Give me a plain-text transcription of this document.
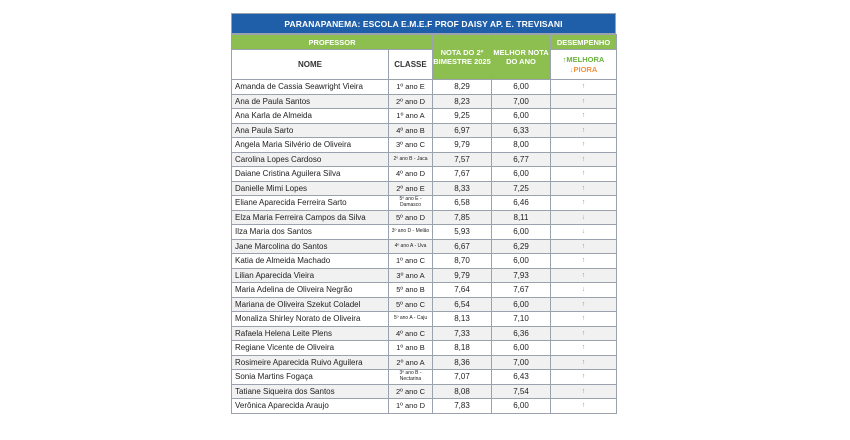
PARANAPANEMA: ESCOLA E.M.E.F PROF DAISY AP. E. TREVISANI
PROFESSOR		NOTA DO 2º BIMESTRE 2025	MELHOR NOTA DO ANO	DESEMPENHO
NOME	CLASSE			↑MELHORA
↓PIORA

Amanda de Cassia Seawright Vieira	1º ano E	8,29	6,00	↑
Ana de Paula Santos	2º ano D	8,23	7,00	↑
Ana Karla de Almeida	1º ano A	9,25	6,00	↑
Ana Paula Sarto	4º ano B	6,97	6,33	↑
Angela Maria Silvério de Oliveira	3º ano C	9,79	8,00	↑
Carolina Lopes Cardoso	2º ano B - Jaca	7,57	6,77	↑
Daiane Cristina Aguilera Silva	4º ano D	7,67	6,00	↑
Danielle Mimi Lopes	2º ano E	8,33	7,25	↑
Eliane Aparecida Ferreira Sarto	5º ano E - Damasco	6,58	6,46	↑
Elza Maria Ferreira Campos da Silva	5º ano D	7,85	8,11	↓
Ilza Maria dos Santos	3º ano D - Melão	5,93	6,00	↓
Jane Marcolina do Santos	4º ano A - Uva	6,67	6,29	↑
Katia de Almeida Machado	1º ano C	8,70	6,00	↑
Lilian Aparecida Vieira	3º ano A	9,79	7,93	↑
Maria Adelina de Oliveira Negrão	5º ano B	7,64	7,67	↓
Mariana de Oliveira Szekut Coladel	5º ano C	6,54	6,00	↑
Monaliza Shirley Norato de Oliveira	5º ano A - Caju	8,13	7,10	↑
Rafaela Helena Leite Plens	4º ano C	7,33	6,36	↑
Regiane Vicente de Oliveira	1º ano B	8,18	6,00	↑
Rosimeire Aparecida Ruivo Aguilera	2º ano A	8,36	7,00	↑
Sonia Martins Fogaça	3º ano B - Nectarina	7,07	6,43	↑
Tatiane Siqueira dos Santos	2º ano C	8,08	7,54	↑
Verônica Aparecida Araujo	1º ano D	7,83	6,00	↑
